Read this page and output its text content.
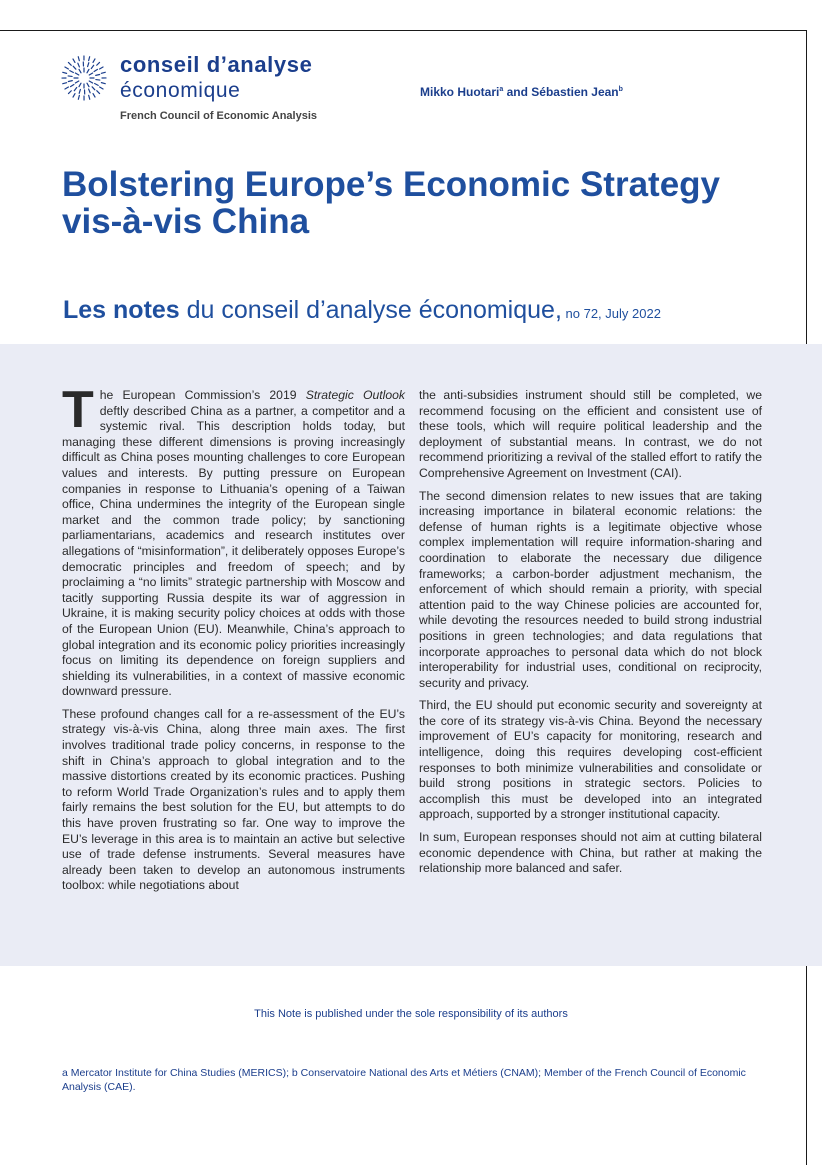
conseil d’analyse
économique
French Council of Economic Analysis
Mikko Huotari$^a$ and Sébastien Jean$^b$
Bolstering Europe’s Economic Strategy vis-à-vis China
Les notes du conseil d’analyse économique, no 72, July 2022

The European Commission’s 2019 Strategic Outlook deftly described China as a partner, a competitor and a systemic rival. This description holds today, but managing these different dimensions is proving increasingly difficult as China poses mounting challenges to core European values and interests. By putting pressure on European companies in response to Lithuania’s opening of a Taiwan office, China undermines the integrity of the European single market and the common trade policy; by sanctioning parliamentarians, academics and research institutes over allegations of “misinformation”, it deliberately opposes Europe’s democratic principles and freedom of speech; and by proclaiming a “no limits” strategic partnership with Moscow and tacitly supporting Russia despite its war of aggression in Ukraine, it is making security policy choices at odds with those of the European Union (EU). Meanwhile, China’s approach to global integration and its economic policy priorities increasingly focus on limiting its dependence on foreign suppliers and shielding its vulnerabilities, in a context of massive economic downward pressure.

These profound changes call for a re-assessment of the EU’s strategy vis-à-vis China, along three main axes. The first involves traditional trade policy concerns, in response to the shift in China’s approach to global integration and to the massive distortions created by its economic practices. Pushing to reform World Trade Organization’s rules and to apply them fairly remains the best solution for the EU, but attempts to do this have proven frustrating so far. One way to improve the EU’s leverage in this area is to maintain an active but selective use of trade defense instruments. Several measures have already been taken to develop an autonomous instruments toolbox: while negotiations about

the anti-subsidies instrument should still be completed, we recommend focusing on the efficient and consistent use of these tools, which will require political leadership and the deployment of substantial means. In contrast, we do not recommend prioritizing a revival of the stalled effort to ratify the Comprehensive Agreement on Investment (CAI).

The second dimension relates to new issues that are taking increasing importance in bilateral economic relations: the defense of human rights is a legitimate objective whose complex implementation will require information-sharing and coordination to elaborate the necessary due diligence frameworks; a carbon-border adjustment mechanism, the enforcement of which should remain a priority, with special attention paid to the way Chinese policies are accounted for, while devoting the resources needed to build strong industrial positions in green technologies; and data regulations that incorporate approaches to personal data which do not block interoperability for industrial uses, conditional on reciprocity, security and privacy.

Third, the EU should put economic security and sovereignty at the core of its strategy vis-à-vis China. Beyond the necessary improvement of EU’s capacity for monitoring, research and intelligence, doing this requires developing cost-efficient responses to both minimize vulnerabilities and consolidate or build strong positions in strategic sectors. Policies to accomplish this must be developed into an integrated approach, supported by a stronger institutional capacity.

In sum, European responses should not aim at cutting bilateral economic dependence with China, but rather at making the relationship more balanced and safer.

This Note is published under the sole responsibility of its authors
a Mercator Institute for China Studies (MERICS); b Conservatoire National des Arts et Métiers (CNAM); Member of the French Council of Economic Analysis (CAE).
